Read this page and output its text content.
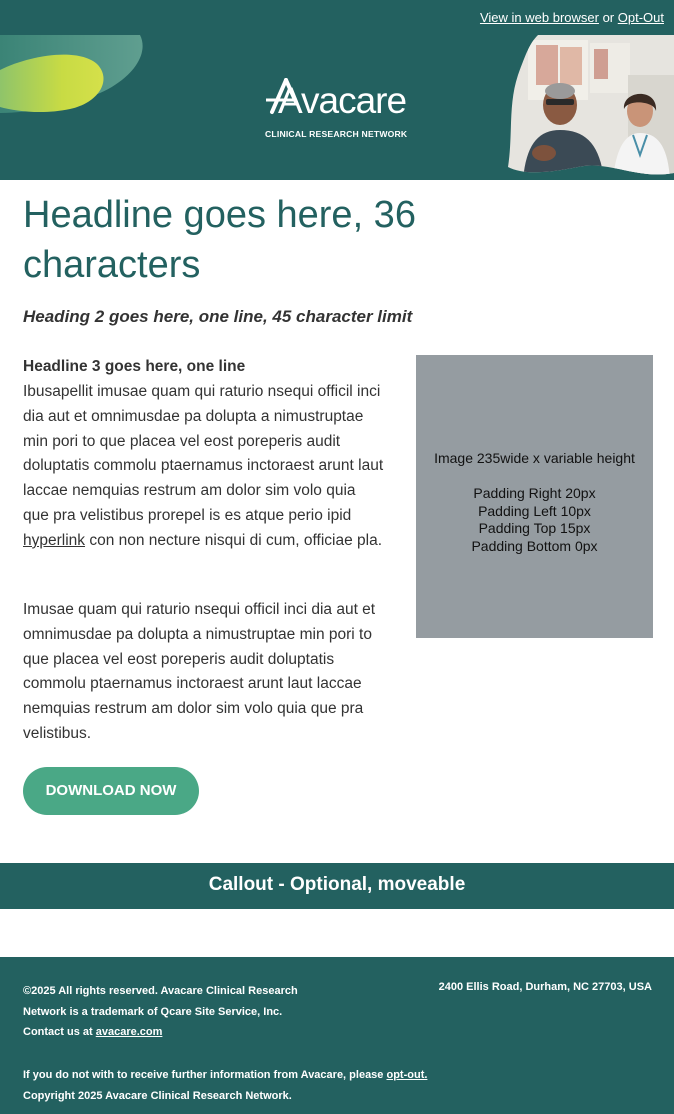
View in web browser or Opt-Out
Avacare
CLINICAL RESEARCH NETWORK
Headline goes here, 36 characters
Heading 2 goes here, one line, 45 character limit
Headline 3 goes here, one line

Ibusapellit imusae quam qui raturio nsequi officil inci dia aut et omnimusdae pa dolupta a nimustruptae min pori to que placea vel eost poreperis audit doluptatis commolu ptaernamus inctoraest arunt laut laccae nemquias restrum am dolor sim volo quia que pra velistibus prorepel is es atque perio ipid hyperlink con non necture nisqui di cum, officiae pla.

Imusae quam qui raturio nsequi officil inci dia aut et omnimusdae pa dolupta a nimustruptae min pori to que placea vel eost poreperis audit doluptatis commolu ptaernamus inctoraest arunt laut laccae nemquias restrum am dolor sim volo quia que pra velistibus.

Image 235wide x variable height
Padding Right 20px
Padding Left 10px
Padding Top 15px
Padding Bottom 0px
DOWNLOAD NOW
Callout - Optional, moveable
©2025 All rights reserved. Avacare Clinical Research Network is a trademark of Qcare Site Service, Inc.
Contact us at avacare.com
2400 Ellis Road, Durham, NC 27703, USA
If you do not with to receive further information from Avacare, please opt-out.
Copyright 2025 Avacare Clinical Research Network.
